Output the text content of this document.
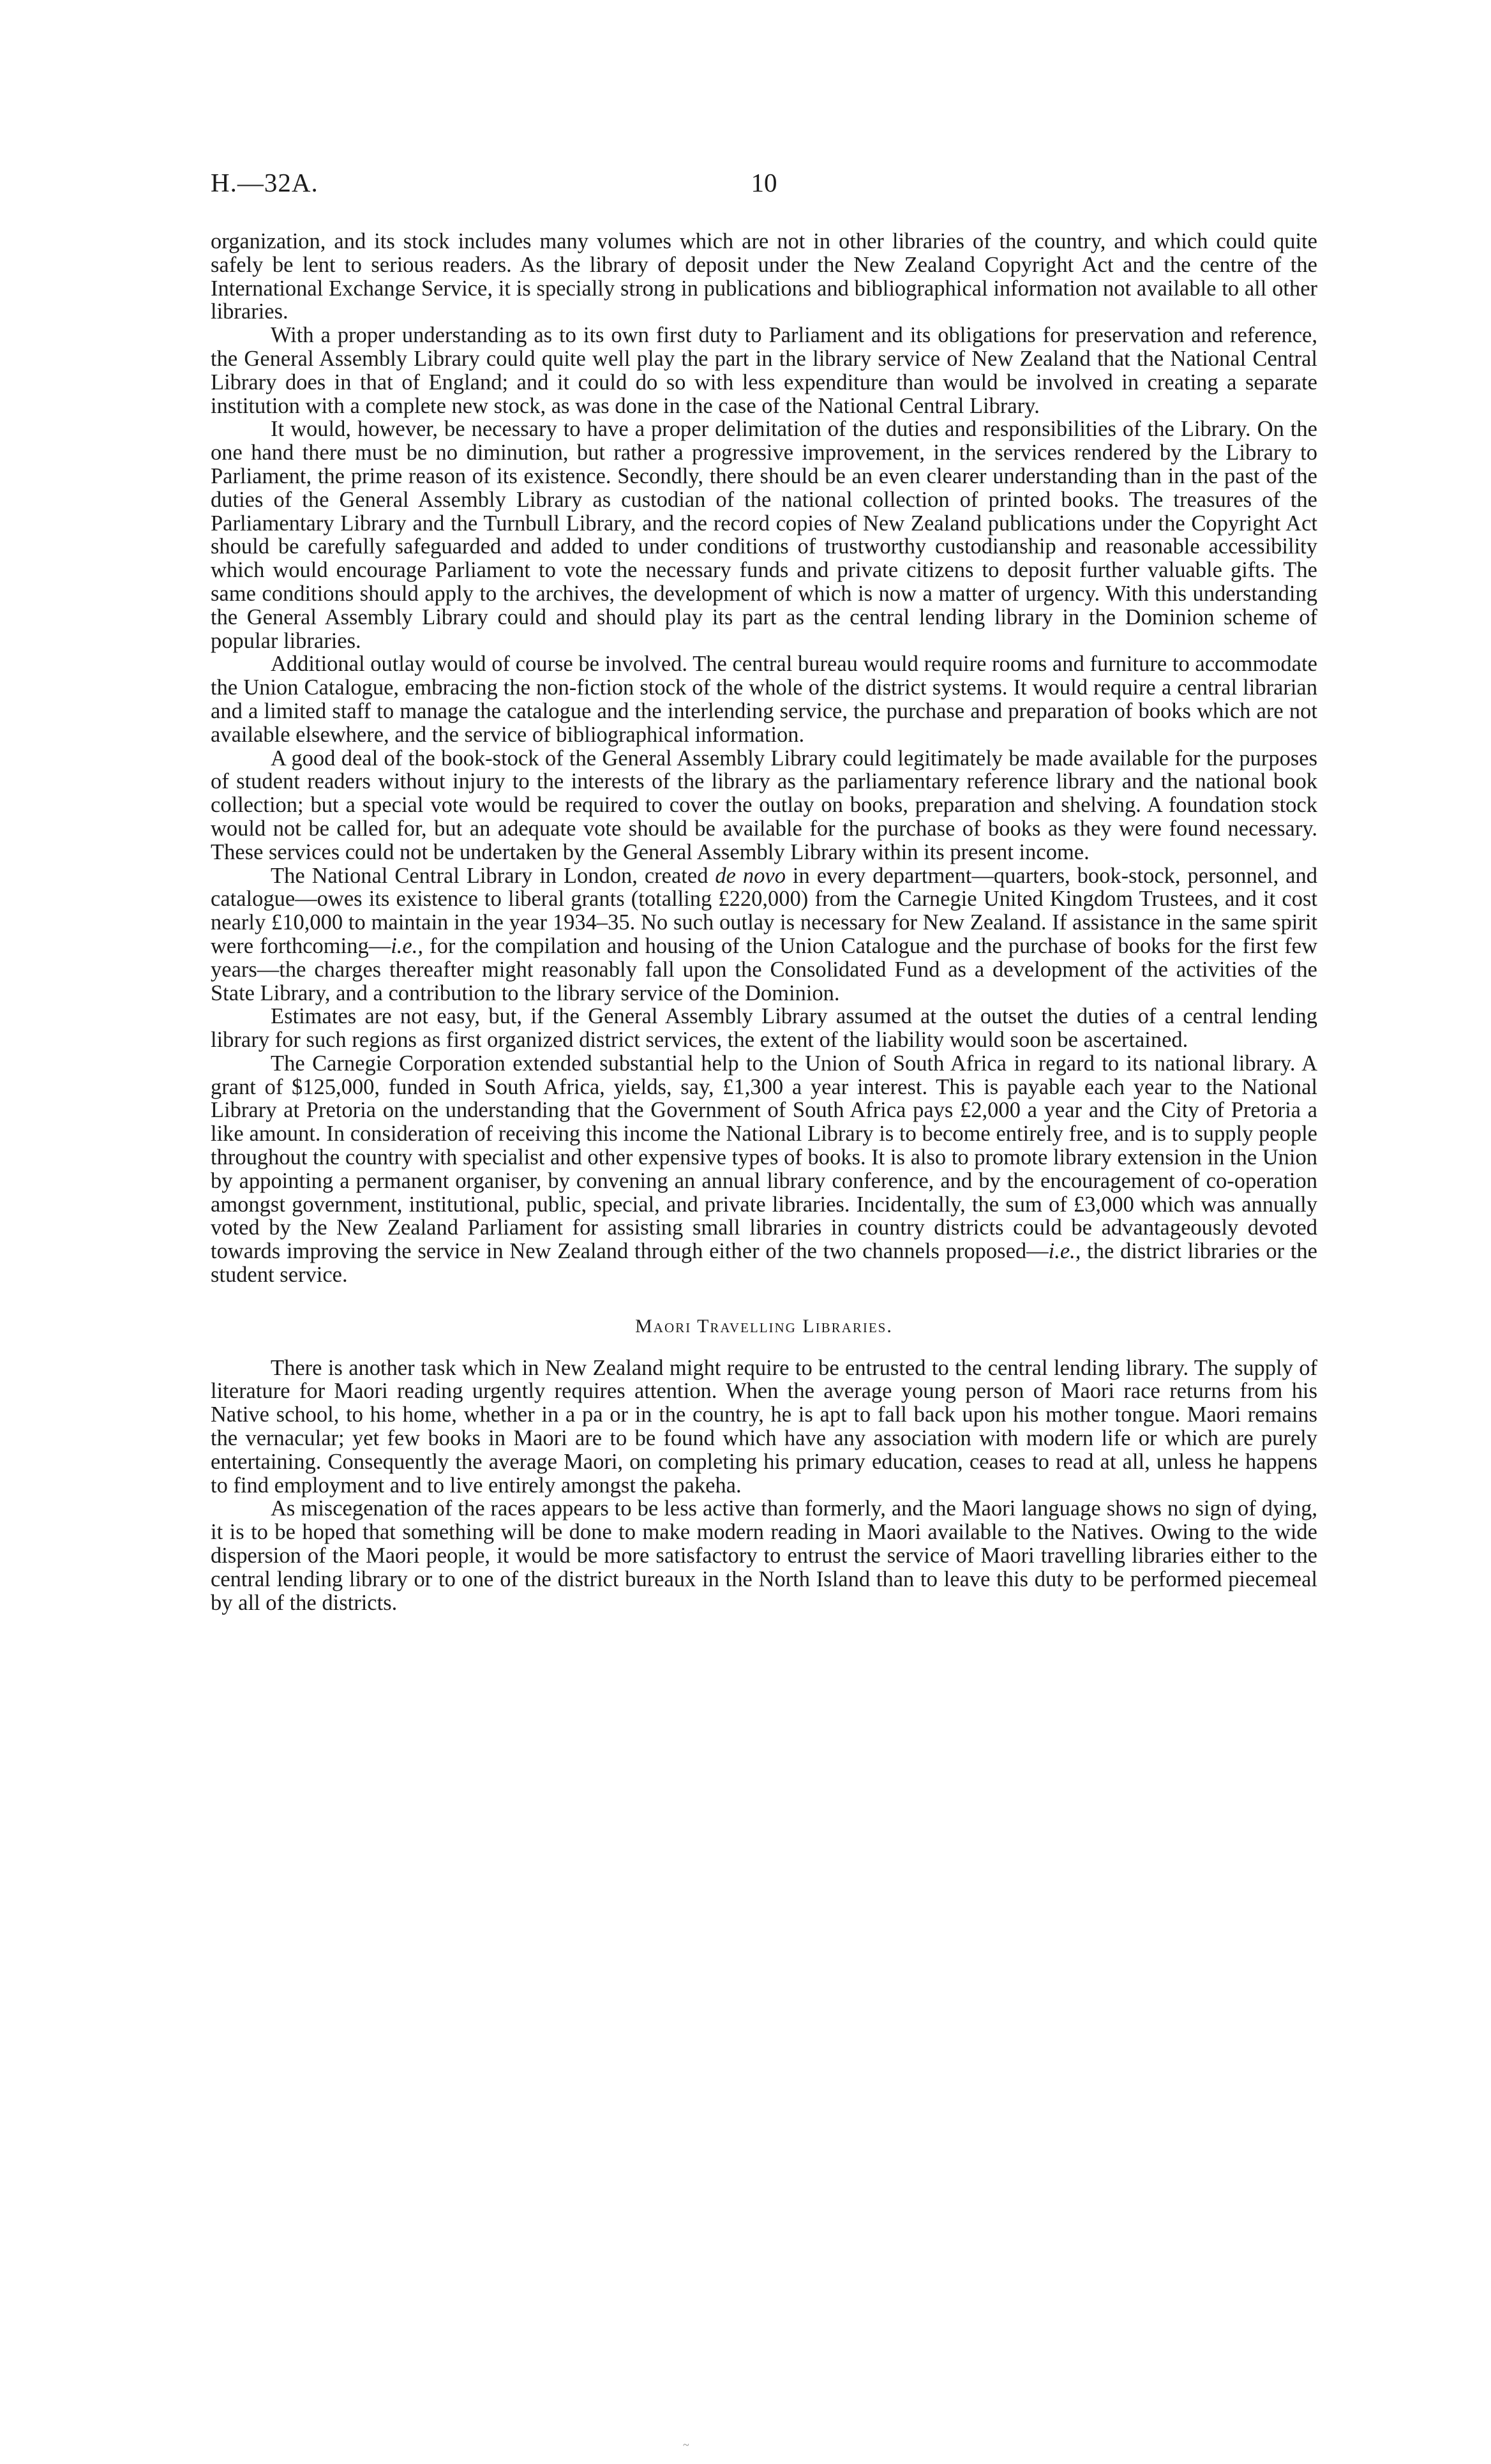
H.—32A.	10

organization, and its stock includes many volumes which are not in other libraries of the country, and which could quite safely be lent to serious readers. As the library of deposit under the New Zealand Copyright Act and the centre of the International Exchange Service, it is specially strong in publications and bibliographical information not available to all other libraries.

With a proper understanding as to its own first duty to Parliament and its obligations for preservation and reference, the General Assembly Library could quite well play the part in the library service of New Zealand that the National Central Library does in that of England; and it could do so with less expenditure than would be involved in creating a separate institution with a complete new stock, as was done in the case of the National Central Library.

It would, however, be necessary to have a proper delimitation of the duties and responsibilities of the Library. On the one hand there must be no diminution, but rather a progressive improvement, in the services rendered by the Library to Parliament, the prime reason of its existence. Secondly, there should be an even clearer understanding than in the past of the duties of the General Assembly Library as custodian of the national collection of printed books. The treasures of the Parliamentary Library and the Turnbull Library, and the record copies of New Zealand publications under the Copyright Act should be carefully safeguarded and added to under conditions of trustworthy custodianship and reasonable accessibility which would encourage Parliament to vote the necessary funds and private citizens to deposit further valuable gifts. The same conditions should apply to the archives, the development of which is now a matter of urgency. With this understanding the General Assembly Library could and should play its part as the central lending library in the Dominion scheme of popular libraries.

Additional outlay would of course be involved. The central bureau would require rooms and furniture to accommodate the Union Catalogue, embracing the non-fiction stock of the whole of the district systems. It would require a central librarian and a limited staff to manage the catalogue and the interlending service, the purchase and preparation of books which are not available elsewhere, and the service of bibliographical information.

A good deal of the book-stock of the General Assembly Library could legitimately be made available for the purposes of student readers without injury to the interests of the library as the parliamentary reference library and the national book collection; but a special vote would be required to cover the outlay on books, preparation and shelving. A foundation stock would not be called for, but an adequate vote should be available for the purchase of books as they were found necessary. These services could not be undertaken by the General Assembly Library within its present income.

The National Central Library in London, created de novo in every department—quarters, book-stock, personnel, and catalogue—owes its existence to liberal grants (totalling £220,000) from the Carnegie United Kingdom Trustees, and it cost nearly £10,000 to maintain in the year 1934–35. No such outlay is necessary for New Zealand. If assistance in the same spirit were forthcoming—i.e., for the compilation and housing of the Union Catalogue and the purchase of books for the first few years—the charges thereafter might reasonably fall upon the Consolidated Fund as a development of the activities of the State Library, and a contribution to the library service of the Dominion.

Estimates are not easy, but, if the General Assembly Library assumed at the outset the duties of a central lending library for such regions as first organized district services, the extent of the liability would soon be ascertained.

The Carnegie Corporation extended substantial help to the Union of South Africa in regard to its national library. A grant of $125,000, funded in South Africa, yields, say, £1,300 a year interest. This is payable each year to the National Library at Pretoria on the understanding that the Government of South Africa pays £2,000 a year and the City of Pretoria a like amount. In consideration of receiving this income the National Library is to become entirely free, and is to supply people throughout the country with specialist and other expensive types of books. It is also to promote library extension in the Union by appointing a permanent organiser, by convening an annual library conference, and by the encouragement of co-operation amongst government, institutional, public, special, and private libraries. Incidentally, the sum of £3,000 which was annually voted by the New Zealand Parliament for assisting small libraries in country districts could be advantageously devoted towards improving the service in New Zealand through either of the two channels proposed—i.e., the district libraries or the student service.

Maori Travelling Libraries.

There is another task which in New Zealand might require to be entrusted to the central lending library. The supply of literature for Maori reading urgently requires attention. When the average young person of Maori race returns from his Native school, to his home, whether in a pa or in the country, he is apt to fall back upon his mother tongue. Maori remains the vernacular; yet few books in Maori are to be found which have any association with modern life or which are purely entertaining. Consequently the average Maori, on completing his primary education, ceases to read at all, unless he happens to find employment and to live entirely amongst the pakeha.

As miscegenation of the races appears to be less active than formerly, and the Maori language shows no sign of dying, it is to be hoped that something will be done to make modern reading in Maori available to the Natives. Owing to the wide dispersion of the Maori people, it would be more satisfactory to entrust the service of Maori travelling libraries either to the central lending library or to one of the district bureaux in the North Island than to leave this duty to be performed piecemeal by all of the districts.

~
